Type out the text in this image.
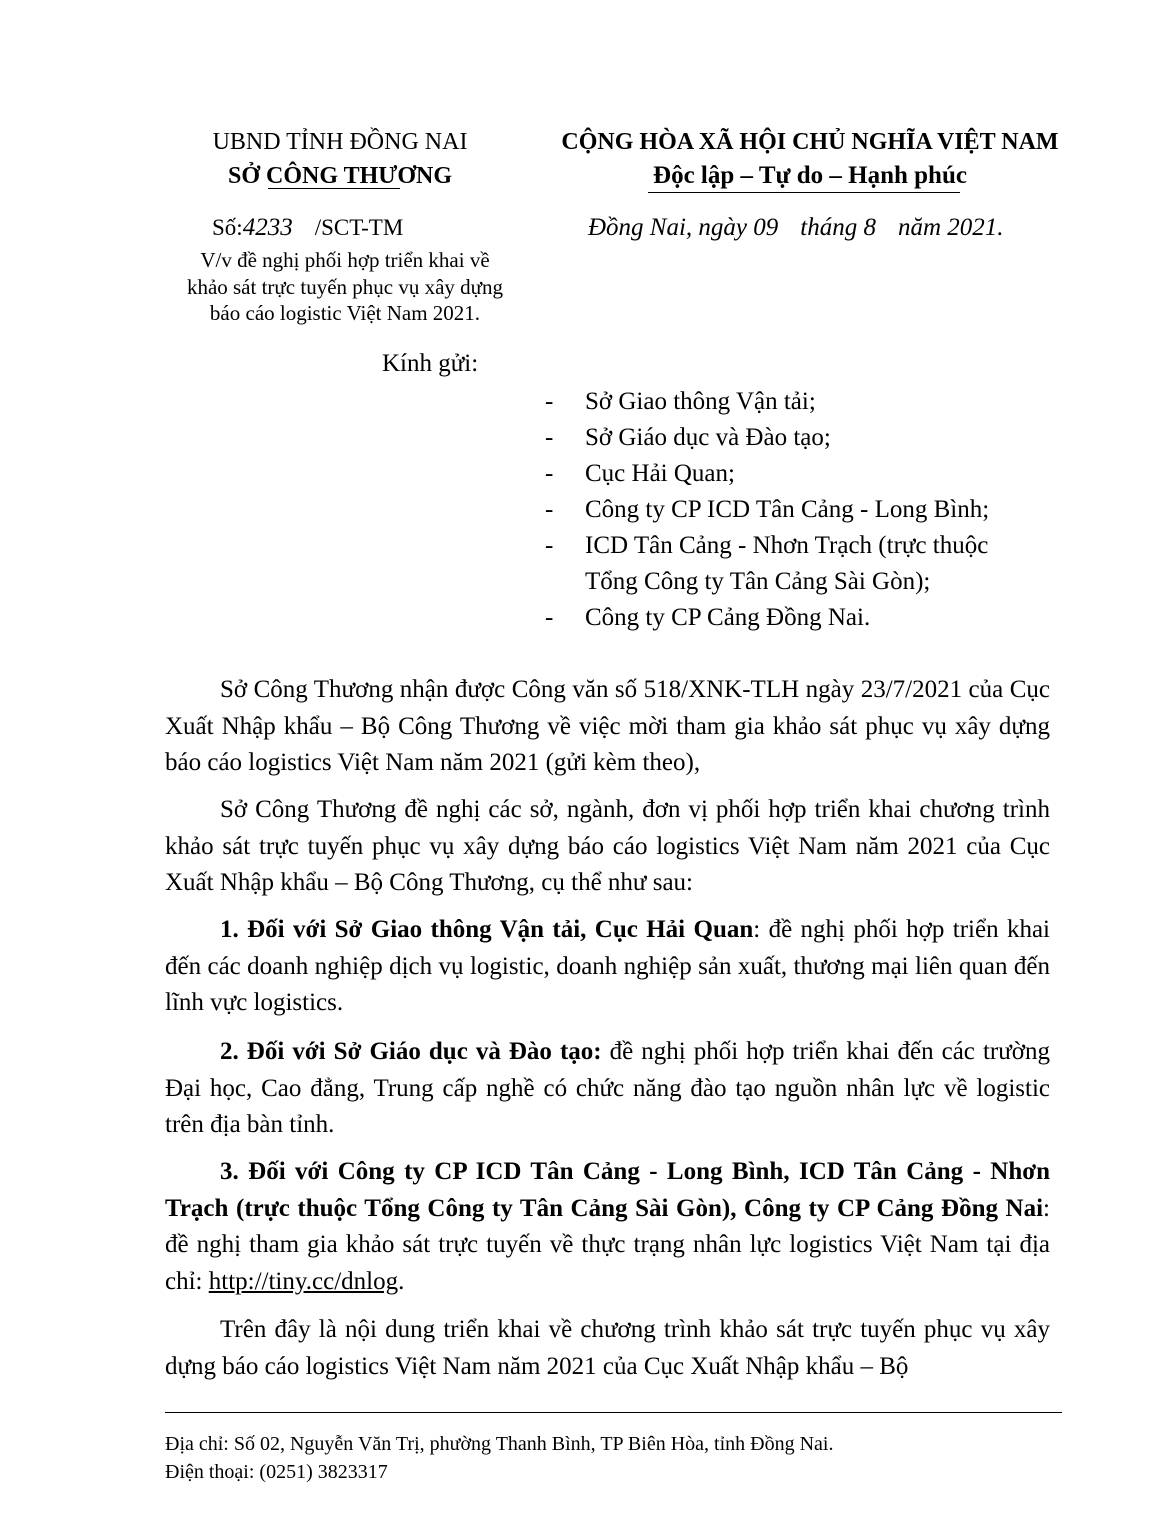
UBND TỈNH ĐỒNG NAI
SỞ CÔNG THƯƠNG
Số:4233 /SCT-TM
V/v đề nghị phối hợp triển khai về
khảo sát trực tuyến phục vụ xây dựng
báo cáo logistic Việt Nam 2021.
CỘNG HÒA XÃ HỘI CHỦ NGHĨA VIỆT NAM
Độc lập – Tự do – Hạnh phúc
Đồng Nai, ngày 09 tháng 8 năm 2021.
Kính gửi:
- Sở Giao thông Vận tải;
- Sở Giáo dục và Đào tạo;
- Cục Hải Quan;
- Công ty CP ICD Tân Cảng - Long Bình;
- ICD Tân Cảng - Nhơn Trạch (trực thuộc
Tổng Công ty Tân Cảng Sài Gòn);
- Công ty CP Cảng Đồng Nai.

Sở Công Thương nhận được Công văn số 518/XNK-TLH ngày 23/7/2021 của Cục Xuất Nhập khẩu – Bộ Công Thương về việc mời tham gia khảo sát phục vụ xây dựng báo cáo logistics Việt Nam năm 2021 (gửi kèm theo),

Sở Công Thương đề nghị các sở, ngành, đơn vị phối hợp triển khai chương trình khảo sát trực tuyến phục vụ xây dựng báo cáo logistics Việt Nam năm 2021 của Cục Xuất Nhập khẩu – Bộ Công Thương, cụ thể như sau:

1. Đối với Sở Giao thông Vận tải, Cục Hải Quan: đề nghị phối hợp triển khai đến các doanh nghiệp dịch vụ logistic, doanh nghiệp sản xuất, thương mại liên quan đến lĩnh vực logistics.

2. Đối với Sở Giáo dục và Đào tạo: đề nghị phối hợp triển khai đến các trường Đại học, Cao đẳng, Trung cấp nghề có chức năng đào tạo nguồn nhân lực về logistic trên địa bàn tỉnh.

3. Đối với Công ty CP ICD Tân Cảng - Long Bình, ICD Tân Cảng - Nhơn Trạch (trực thuộc Tổng Công ty Tân Cảng Sài Gòn), Công ty CP Cảng Đồng Nai: đề nghị tham gia khảo sát trực tuyến về thực trạng nhân lực logistics Việt Nam tại địa chỉ: http://tiny.cc/dnlog.

Trên đây là nội dung triển khai về chương trình khảo sát trực tuyến phục vụ xây dựng báo cáo logistics Việt Nam năm 2021 của Cục Xuất Nhập khẩu – Bộ

Địa chỉ: Số 02, Nguyễn Văn Trị, phường Thanh Bình, TP Biên Hòa, tỉnh Đồng Nai.
Điện thoại: (0251) 3823317
